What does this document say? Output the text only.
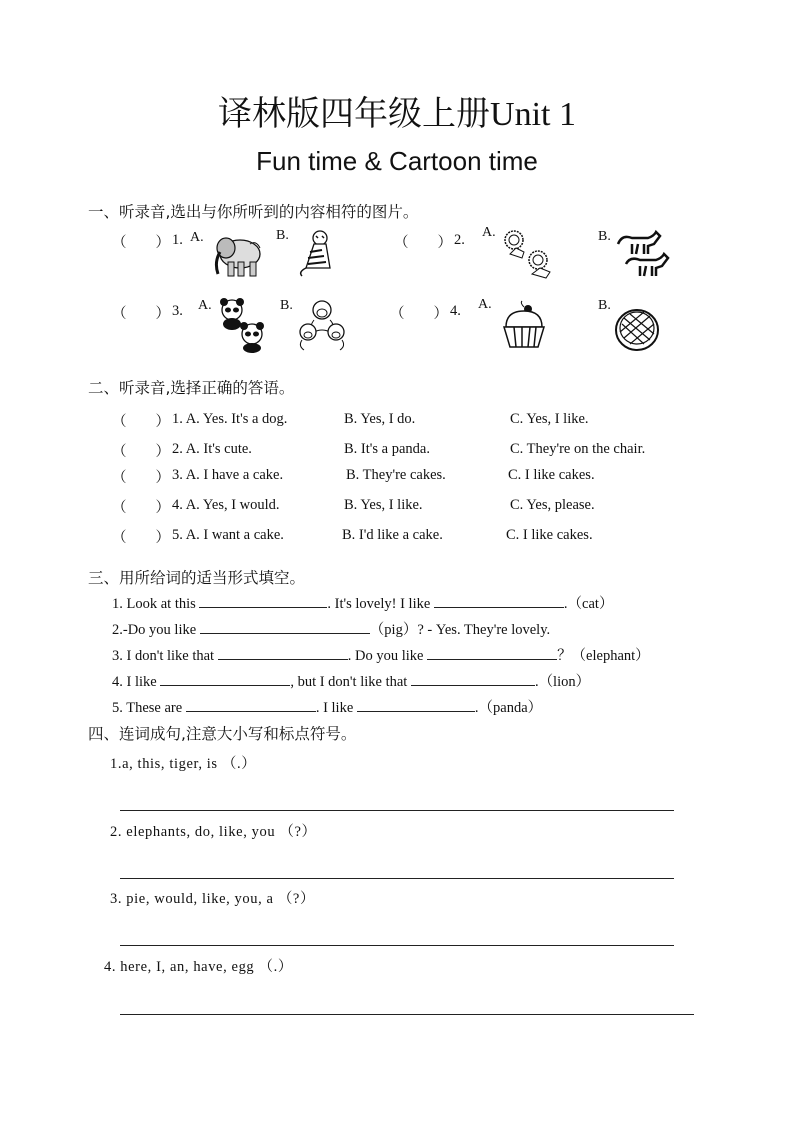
译林版四年级上册Unit 1
Fun time & Cartoon time
一、听录音,选出与你所听到的内容相符的图片。
（　　） 1. A.	B.	（　　） 2. A.	B.
（　　） 3. A.	B.
（　　） 4. A.	B.
二、听录音,选择正确的答语。
（　　） 1. A. Yes. It's a dog.	B. Yes, I do.	C. Yes, I like.
（　　） 2. A. It's cute.	B. It's a panda.	C. They're on the chair.
（　　） 3. A. I have a cake.	B. They're cakes.	C. I like cakes.
（　　） 4. A. Yes, I would.	B. Yes, I like.	C. Yes, please.
（　　） 5. A. I want a cake.	B. I'd like a cake.	C. I like cakes.
三、用所给词的适当形式填空。
1. Look at this	. It's lovely! I like	.（cat）
2.-Do you like	（pig）? - Yes. They're lovely.
3. I don't like that	. Do you like	？（elephant）
4. I like	, but I don't like that	.（lion）
5. These are	. I like	.（panda）
四、连词成句,注意大小写和标点符号。
1.a, this, tiger, is （.）
2. elephants, do, like, you （?）
3. pie, would, like, you, a （?）
4. here, I, an, have, egg （.）
